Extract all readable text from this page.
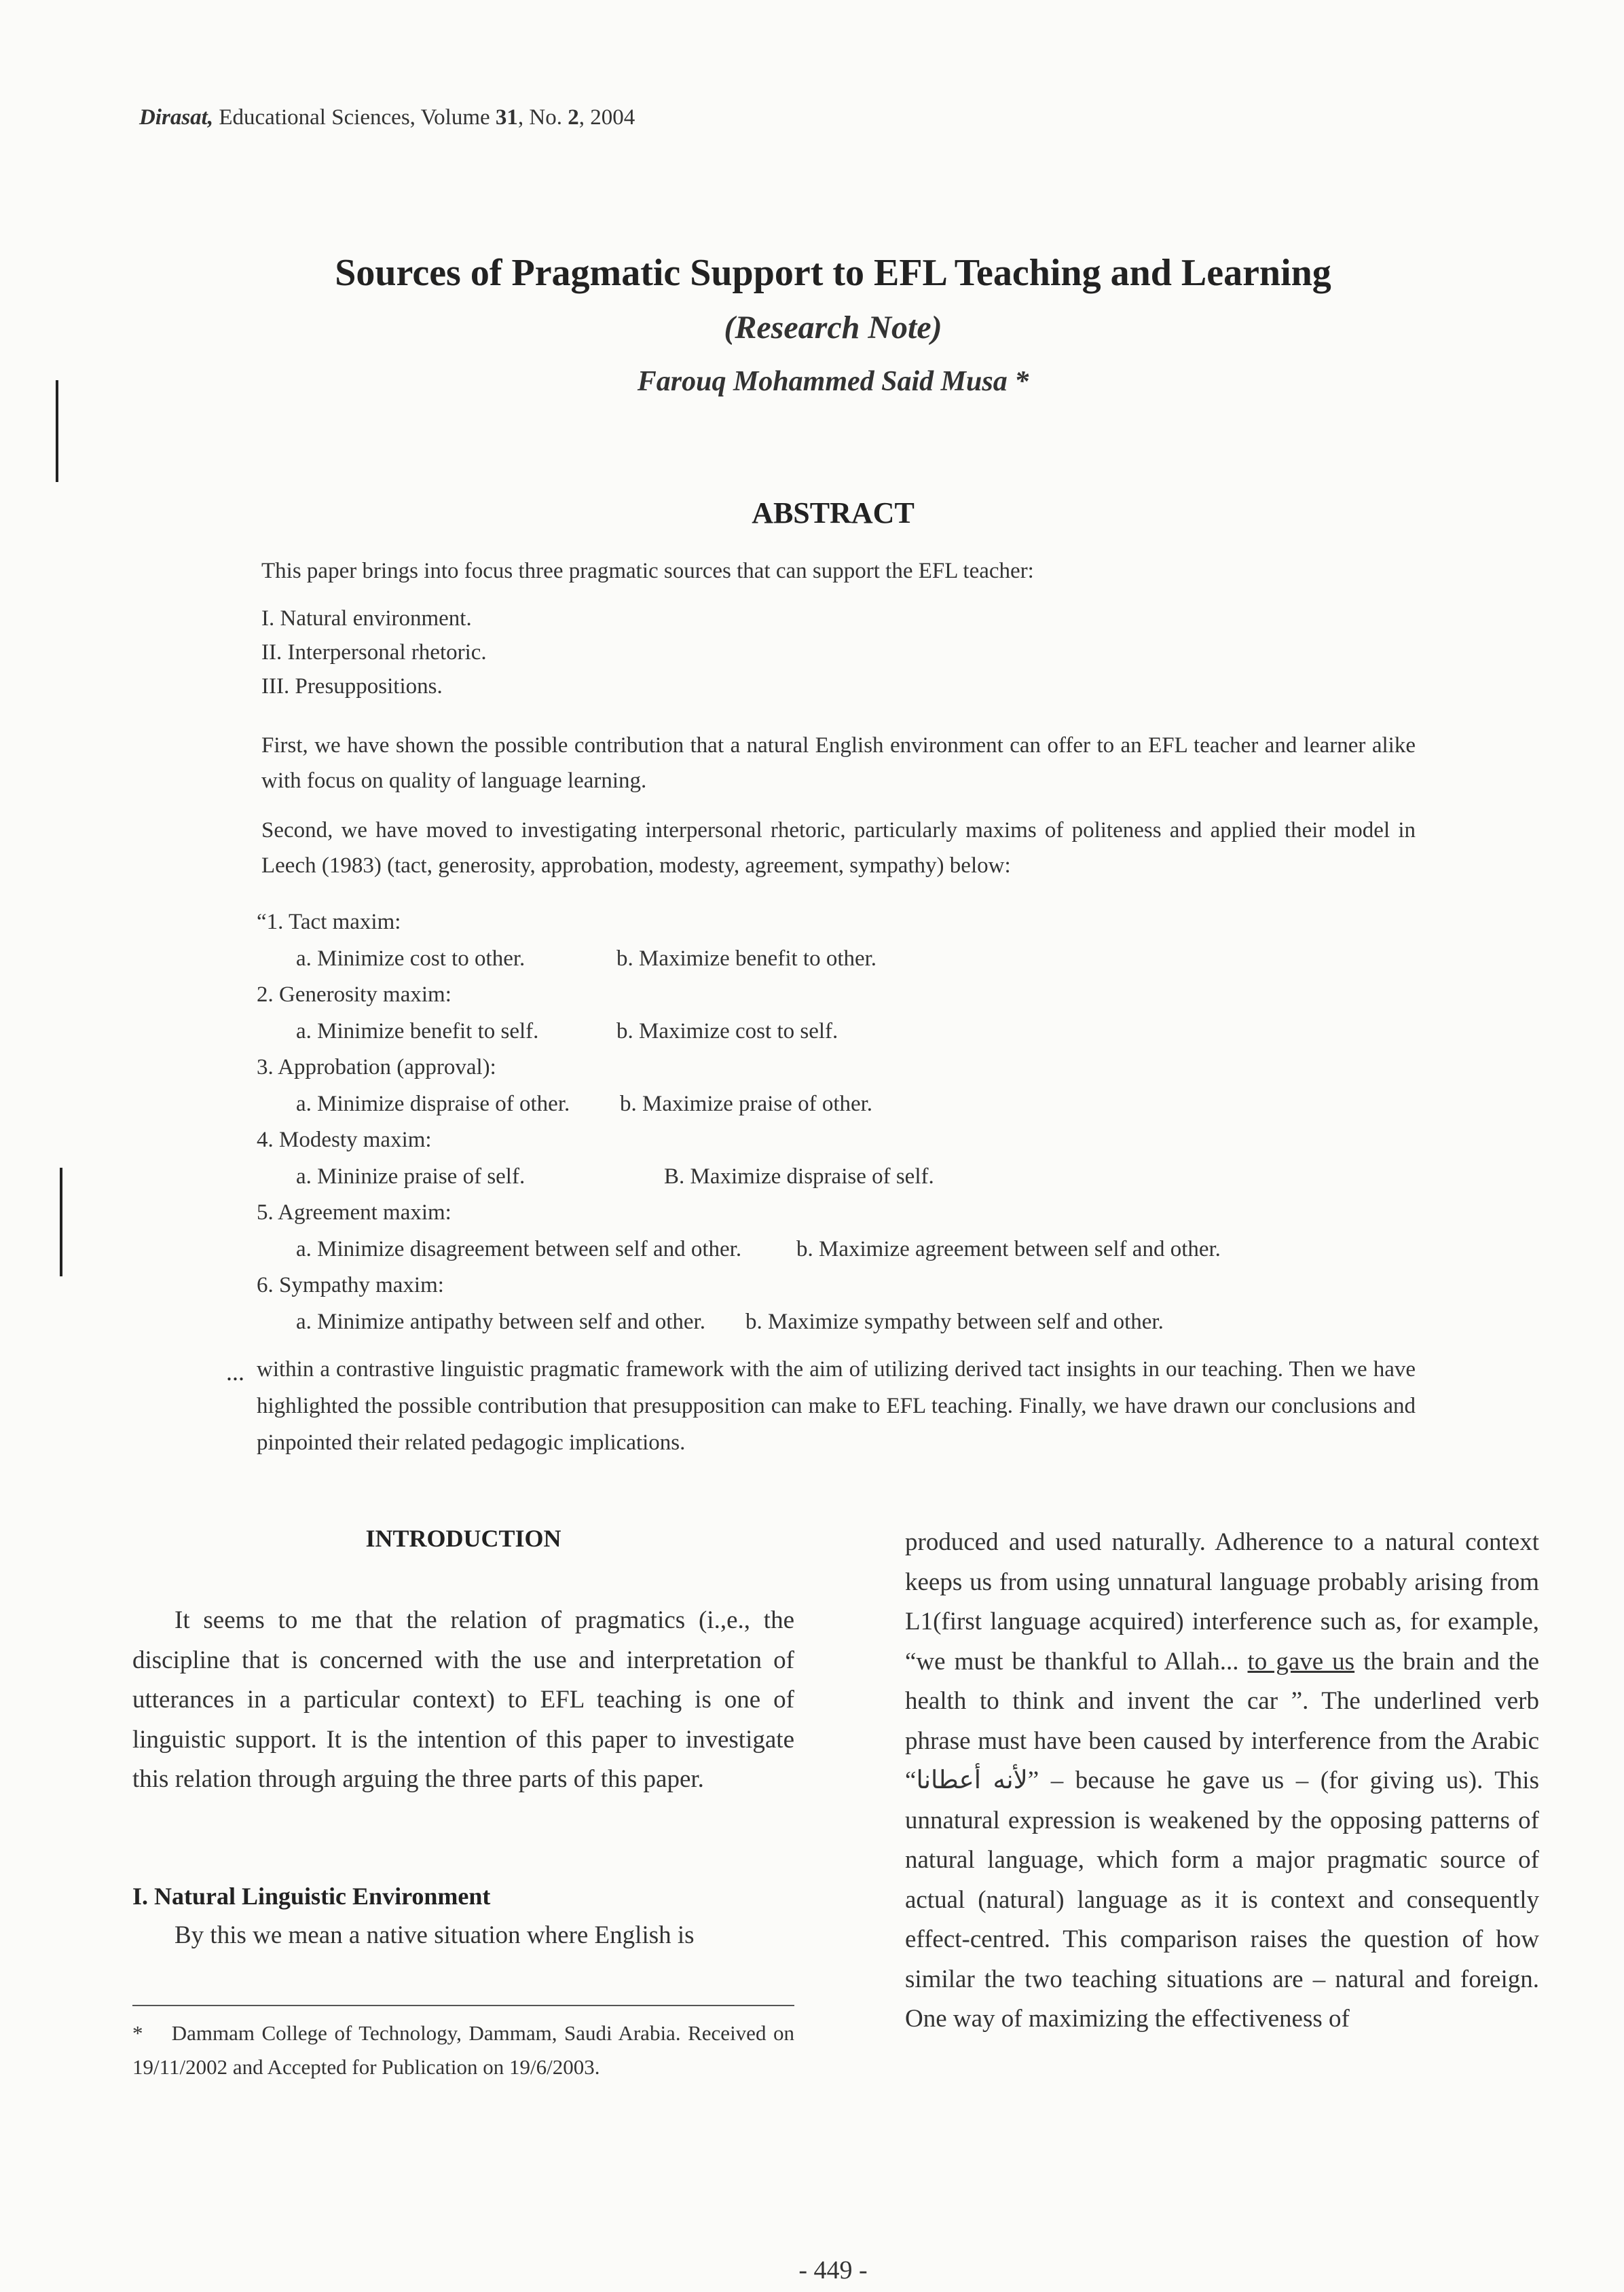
Dirasat, Educational Sciences, Volume 31, No. 2, 2004
Sources of Pragmatic Support to EFL Teaching and Learning
(Research Note)
Farouq Mohammed Said Musa *
ABSTRACT
This paper brings into focus three pragmatic sources that can support the EFL teacher:
I. Natural environment.
II. Interpersonal rhetoric.
III. Presuppositions.
First, we have shown the possible contribution that a natural English environment can offer to an EFL teacher and learner alike with focus on quality of language learning.
Second, we have moved to investigating interpersonal rhetoric, particularly maxims of politeness and applied their model in Leech (1983) (tact, generosity, approbation, modesty, agreement, sympathy) below:
“1. Tact maxim:
a. Minimize cost to other.	b. Maximize benefit to other.
2. Generosity maxim:
a. Minimize benefit to self.	b. Maximize cost to self.
3. Approbation (approval):
a. Minimize dispraise of other. b. Maximize praise of other.
4. Modesty maxim:
a. Mininize praise of self.	B. Maximize dispraise of self.
5. Agreement maxim:
a. Minimize disagreement between self and other. b. Maximize agreement between self and other.
6. Sympathy maxim:
a. Minimize antipathy between self and other. b. Maximize sympathy between self and other.
... within a contrastive linguistic pragmatic framework with the aim of utilizing derived tact insights in our teaching. Then we have highlighted the possible contribution that presupposition can make to EFL teaching. Finally, we have drawn our conclusions and pinpointed their related pedagogic implications.
INTRODUCTION
It seems to me that the relation of pragmatics (i.,e., the discipline that is concerned with the use and interpretation of utterances in a particular context) to EFL teaching is one of linguistic support. It is the intention of this paper to investigate this relation through arguing the three parts of this paper.
I. Natural Linguistic Environment
By this we mean a native situation where English is
* Dammam College of Technology, Dammam, Saudi Arabia. Received on 19/11/2002 and Accepted for Publication on 19/6/2003.
produced and used naturally. Adherence to a natural context keeps us from using unnatural language probably arising from L1(first language acquired) interference such as, for example, “we must be thankful to Allah... to gave us the brain and the health to think and invent the car ”. The underlined verb phrase must have been caused by interference from the Arabic “لأنه أعطانا” – because he gave us – (for giving us). This unnatural expression is weakened by the opposing patterns of natural language, which form a major pragmatic source of actual (natural) language as it is context and consequently effect-centred. This comparison raises the question of how similar the two teaching situations are – natural and foreign. One way of maximizing the effectiveness of
- 449 -
